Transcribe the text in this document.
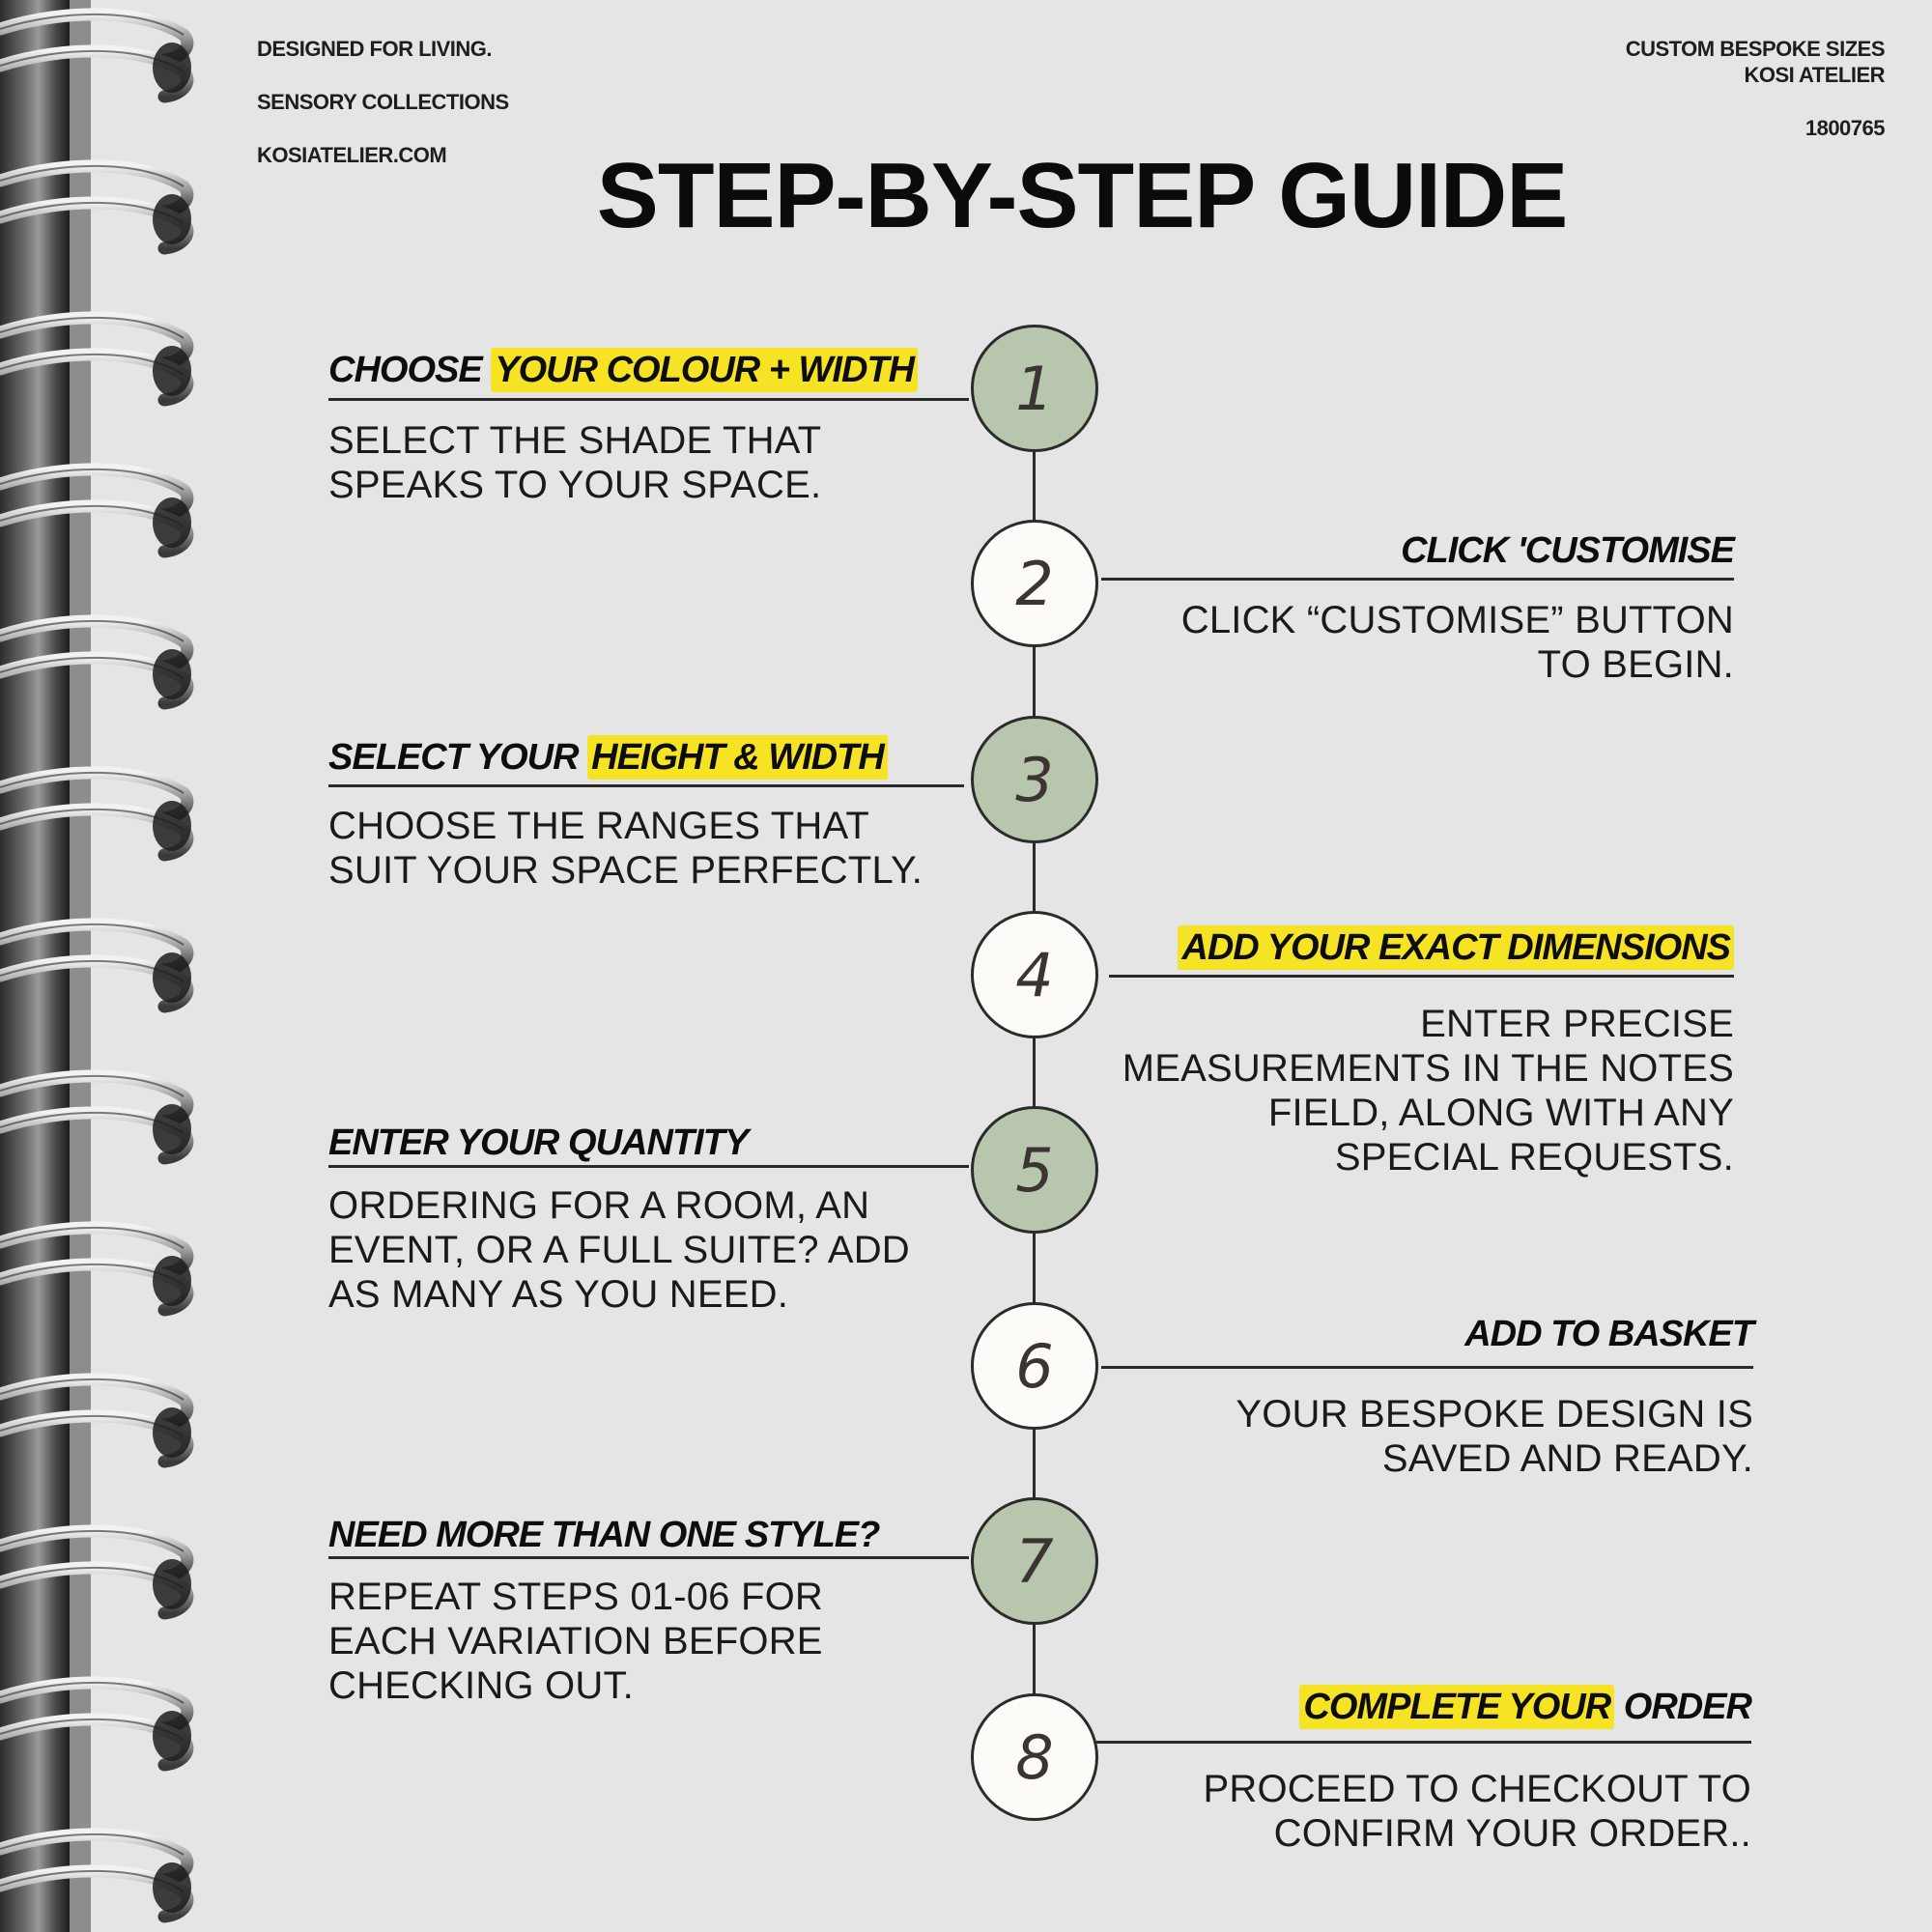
DESIGNED FOR LIVING.
SENSORY COLLECTIONS
KOSIATELIER.COM
CUSTOM BESPOKE SIZES
KOSI ATELIER
1800765
STEP-BY-STEP GUIDE
1
CHOOSE YOUR COLOUR + WIDTH
SELECT THE SHADE THAT
SPEAKS TO YOUR SPACE.
2	CLICK 'CUSTOMISE
CLICK “CUSTOMISE” BUTTON
TO BEGIN.
3
SELECT YOUR HEIGHT & WIDTH
CHOOSE THE RANGES THAT
SUIT YOUR SPACE PERFECTLY.
4	ADD YOUR EXACT DIMENSIONS
ENTER PRECISE
MEASUREMENTS IN THE NOTES
FIELD, ALONG WITH ANY
SPECIAL REQUESTS.
5
ENTER YOUR QUANTITY
ORDERING FOR A ROOM, AN
EVENT, OR A FULL SUITE? ADD
AS MANY AS YOU NEED.
6	ADD TO BASKET
YOUR BESPOKE DESIGN IS
SAVED AND READY.
7
NEED MORE THAN ONE STYLE?
REPEAT STEPS 01-06 FOR
EACH VARIATION BEFORE
CHECKING OUT.
8
COMPLETE YOUR ORDER
PROCEED TO CHECKOUT TO
CONFIRM YOUR ORDER..
